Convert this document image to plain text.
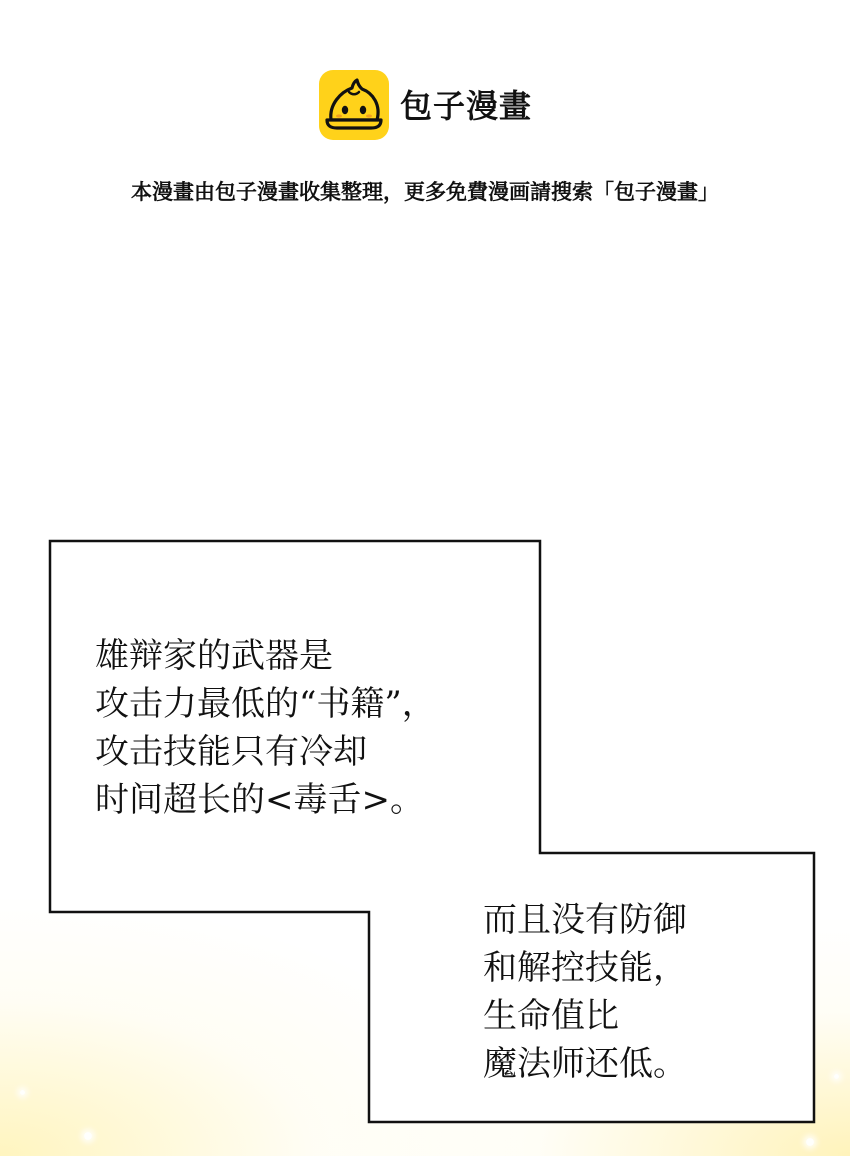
包子漫畫
本漫畫由包子漫畫收集整理，更多免費漫画請搜索「包子漫畫」
雄辩家的武器是
攻击力最低的“书籍”，
攻击技能只有冷却
时间超长的<毒舌>。
而且没有防御
和解控技能，
生命值比
魔法师还低。
